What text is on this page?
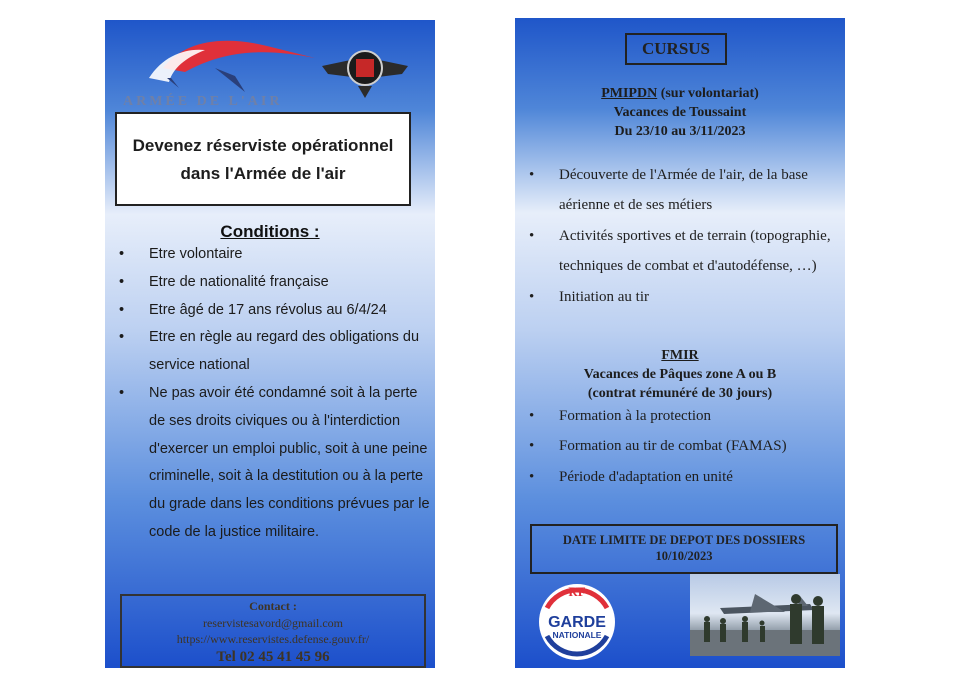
ARMÉE DE L'AIR
Devenez réserviste opérationnel
dans l'Armée de l'air
Conditions :
• Etre volontaire
• Etre de nationalité française
• Etre âgé de 17 ans révolus au 6/4/24
• Etre en règle au regard des obligations du service national
• Ne pas avoir été condamné soit à la perte de ses droits civiques ou à l'interdiction d'exercer un emploi public, soit à une peine criminelle, soit à la destitution ou à la perte du grade dans les conditions prévues par le code de la justice militaire.
Contact :
reservistesavord@gmail.com
https://www.reservistes.defense.gouv.fr/
Tel 02 45 41 45 96
CURSUS
PMIPDN (sur volontariat)
Vacances de Toussaint
Du 23/10 au 3/11/2023
• Découverte de l'Armée de l'air, de la base aérienne et de ses métiers
• Activités sportives et de terrain (topographie, techniques de combat et d'autodéfense, …)
• Initiation au tir
FMIR
Vacances de Pâques zone A ou B
(contrat rémunéré de 30 jours)
• Formation à la protection
• Formation au tir de combat (FAMAS)
• Période d'adaptation en unité
DATE LIMITE DE DEPOT DES DOSSIERS
10/10/2023
RF
GARDE
NATIONALE
